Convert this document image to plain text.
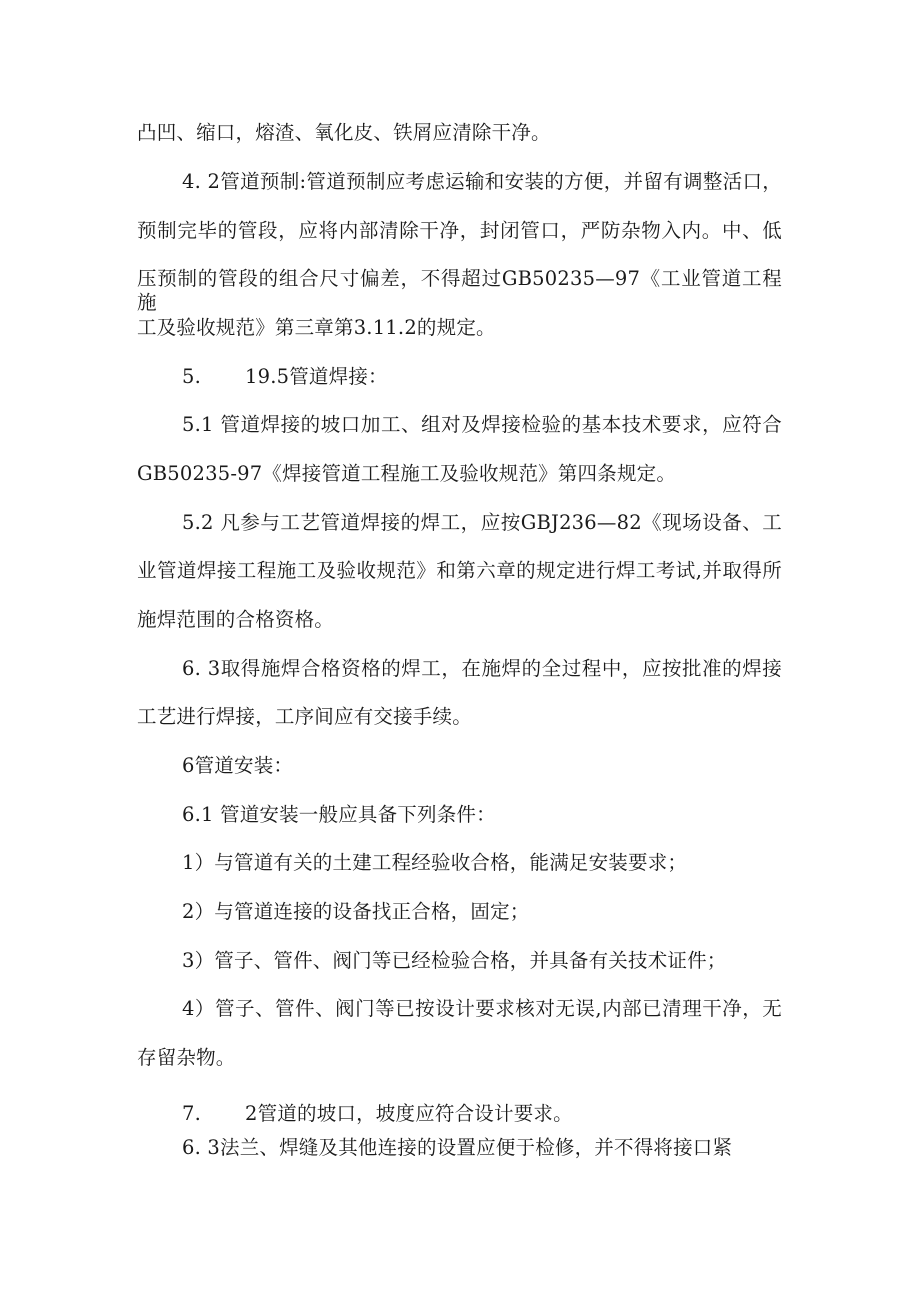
凸凹、缩口，熔渣、氧化皮、铁屑应清除干净。
4. 2管道预制:管道预制应考虑运输和安装的方便，并留有调整活口，
预制完毕的管段，应将内部清除干净，封闭管口，严防杂物入内。中、低
压预制的管段的组合尺寸偏差，不得超过GB50235—97《工业管道工程施
工及验收规范》第三章第3.11.2的规定。
5. 19.5管道焊接：
5.1 管道焊接的坡口加工、组对及焊接检验的基本技术要求，应符合
GB50235-97《焊接管道工程施工及验收规范》第四条规定。
5.2 凡参与工艺管道焊接的焊工，应按GBJ236—82《现场设备、工
业管道焊接工程施工及验收规范》和第六章的规定进行焊工考试,并取得所
施焊范围的合格资格。
6. 3取得施焊合格资格的焊工，在施焊的全过程中，应按批准的焊接
工艺进行焊接，工序间应有交接手续。
6管道安装：
6.1 管道安装一般应具备下列条件：
1）与管道有关的土建工程经验收合格，能满足安装要求；
2）与管道连接的设备找正合格，固定；
3）管子、管件、阀门等已经检验合格，并具备有关技术证件；
4）管子、管件、阀门等已按设计要求核对无误,内部已清理干净，无
存留杂物。
7. 2管道的坡口，坡度应符合设计要求。
6. 3法兰、焊缝及其他连接的设置应便于检修，并不得将接口紧
